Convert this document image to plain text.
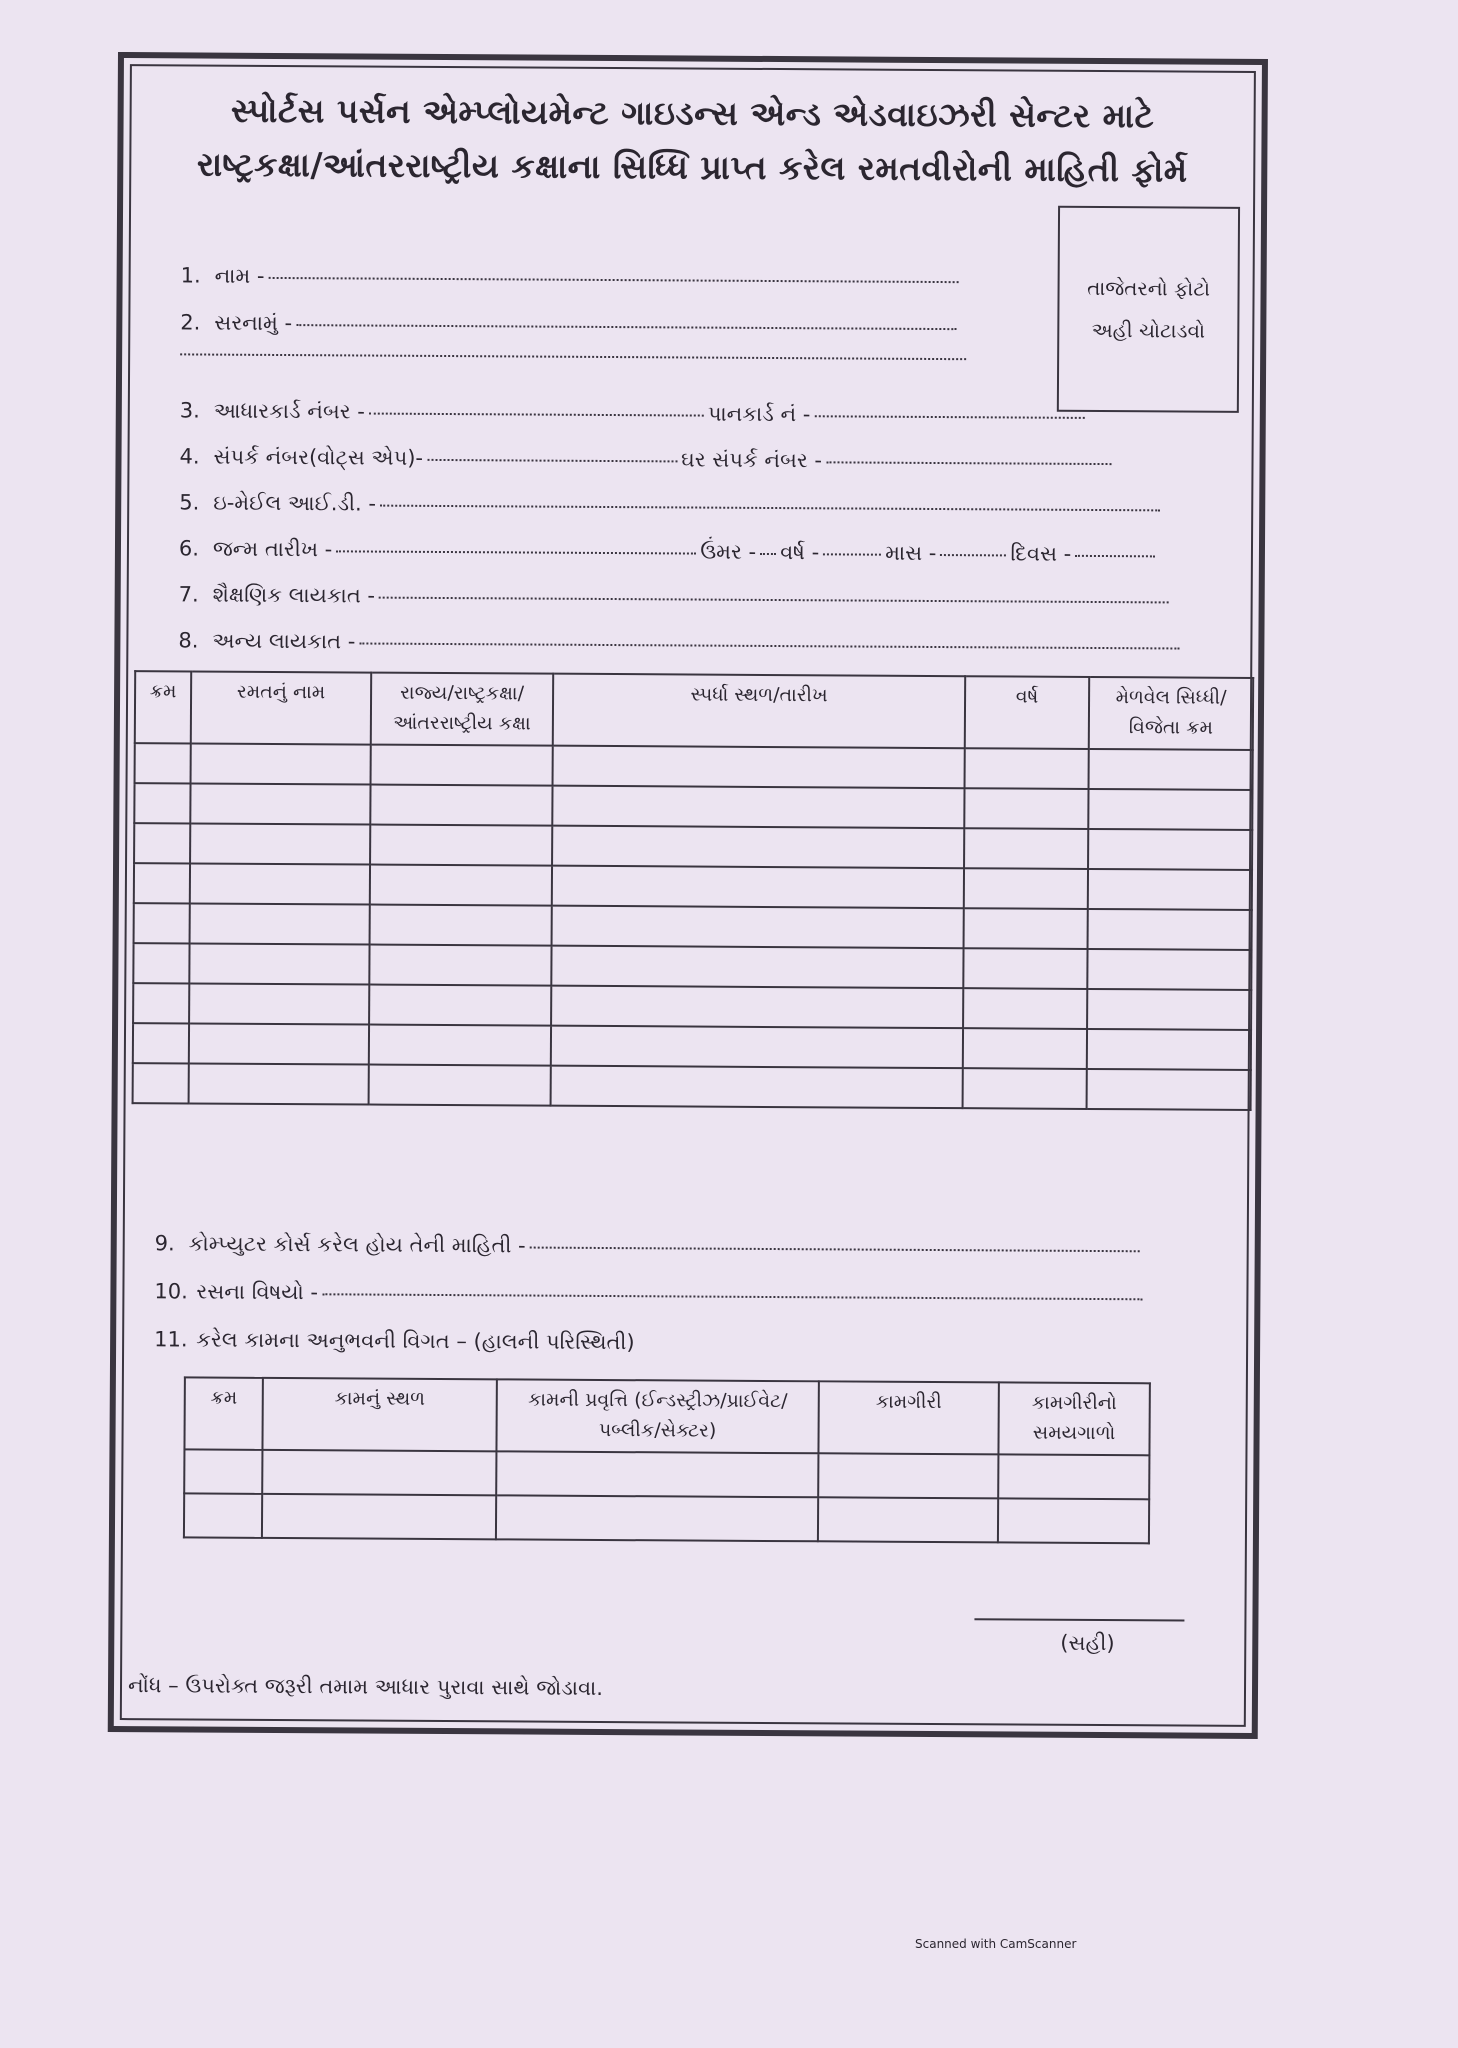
સ્પોર્ટસ પર્સન એમ્પ્લોયમેન્ટ ગાઇડન્સ એન્ડ એડવાઇઝરી સેન્ટર માટે
રાષ્ટ્રકક્ષા/આંતરરાષ્ટ્રીય કક્ષાના સિધ્ધિ પ્રાપ્ત કરેલ રમતવીરોની માહિતી ફોર્મ
તાજેતરનો ફોટો
અહી ચોટાડવો
1. નામ -
2. સરનામું -
3. આધારકાર્ડ નંબર -	પાનકાર્ડ નં -
4. સંપર્ક નંબર(વોટ્સ એપ)-	ઘર સંપર્ક નંબર -
5. ઇ-મેઈલ આઈ.ડી. -
6. જન્મ તારીખ -	ઉંમર - વર્ષ -	માસ -	દિવસ -
7. શૈક્ષણિક લાયકાત -
8. અન્ય લાયકાત -
ક્રમ	રમતનું નામ	રાજ્ય/રાષ્ટ્રકક્ષા/ આંતરરાષ્ટ્રીય કક્ષા	સ્પર્ધા સ્થળ/તારીખ	વર્ષ	મેળવેલ સિધ્ધી/ વિજેતા ક્રમ

9. કોમ્પ્યુટર કોર્સ કરેલ હોય તેની માહિતી -
10. રસના વિષયો -
11. કરેલ કામના અનુભવની વિગત – (હાલની પરિસ્થિતી)
ક્રમ	કામનું સ્થળ	કામની પ્રવૃત્તિ (ઈન્ડસ્ટ્રીઝ/પ્રાઈવેટ/પબ્લીક/સેક્ટર)	કામગીરી	કામગીરીનો સમયગાળો

(સહી)
નોંધ – ઉપરોક્ત જરૂરી તમામ આધાર પુરાવા સાથે જોડાવા.
Scanned with CamScanner
